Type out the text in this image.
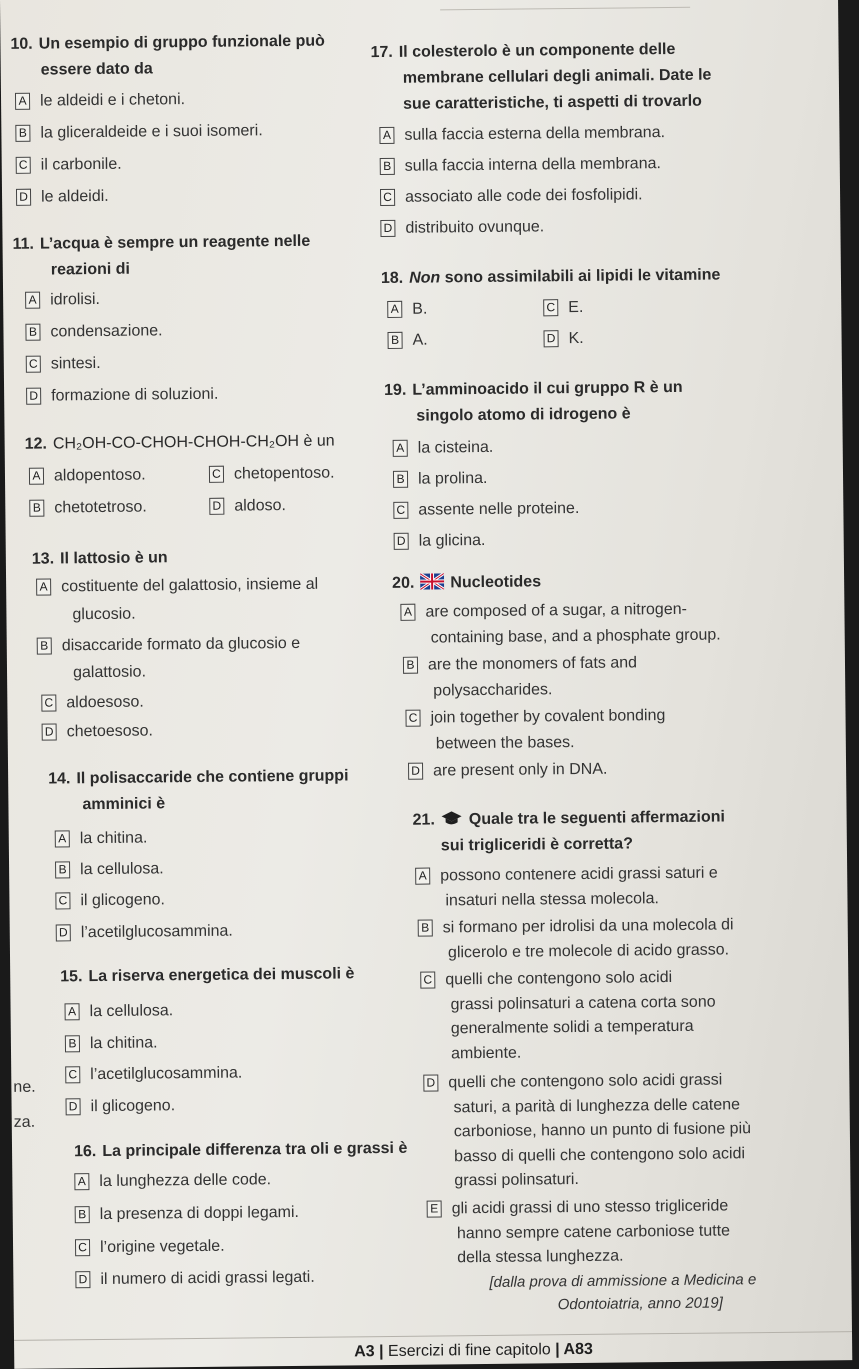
10. Un esempio di gruppo funzionale può
essere dato da
A le aldeidi e i chetoni.
B la gliceraldeide e i suoi isomeri.
C il carbonile.
D le aldeidi.
11. L’acqua è sempre un reagente nelle
reazioni di
A idrolisi.
B condensazione.
C sintesi.
D formazione di soluzioni.
12. CH₂OH-CO-CHOH-CHOH-CH₂OH è un
A aldopentoso.
B chetotetroso.
C chetopentoso.
D aldoso.
13. Il lattosio è un
A costituente del galattosio, insieme al
glucosio.
B disaccaride formato da glucosio e
galattosio.
C aldoesoso.
D chetoesoso.
14. Il polisaccaride che contiene gruppi
amminici è
A la chitina.
B la cellulosa.
C il glicogeno.
D l’acetilglucosammina.
15. La riserva energetica dei muscoli è
A la cellulosa.
B la chitina.
C l’acetilglucosammina.
D il glicogeno.
ne.
za.
16. La principale differenza tra oli e grassi è
A la lunghezza delle code.
B la presenza di doppi legami.
C l’origine vegetale.
D il numero di acidi grassi legati.
17. Il colesterolo è un componente delle
membrane cellulari degli animali. Date le
sue caratteristiche, ti aspetti di trovarlo
A sulla faccia esterna della membrana.
B sulla faccia interna della membrana.
C associato alle code dei fosfolipidi.
D distribuito ovunque.
18. Non sono assimilabili ai lipidi le vitamine
A B.
B A.
C E.
D K.
19. L’amminoacido il cui gruppo R è un
singolo atomo di idrogeno è
A la cisteina.
B la prolina.
C assente nelle proteine.
D la glicina.
20. Nucleotides
A are composed of a sugar, a nitrogen-
containing base, and a phosphate group.
B are the monomers of fats and
polysaccharides.
C join together by covalent bonding
between the bases.
D are present only in DNA.
21. Quale tra le seguenti affermazioni
sui trigliceridi è corretta?
A possono contenere acidi grassi saturi e
insaturi nella stessa molecola.
B si formano per idrolisi da una molecola di
glicerolo e tre molecole di acido grasso.
C quelli che contengono solo acidi
grassi polinsaturi a catena corta sono
generalmente solidi a temperatura
ambiente.
D quelli che contengono solo acidi grassi
saturi, a parità di lunghezza delle catene
carboniose, hanno un punto di fusione più
basso di quelli che contengono solo acidi
grassi polinsaturi.
E gli acidi grassi di uno stesso trigliceride
hanno sempre catene carboniose tutte
della stessa lunghezza.
[dalla prova di ammissione a Medicina e
Odontoiatria, anno 2019]
A3 | Esercizi di fine capitolo | A83
